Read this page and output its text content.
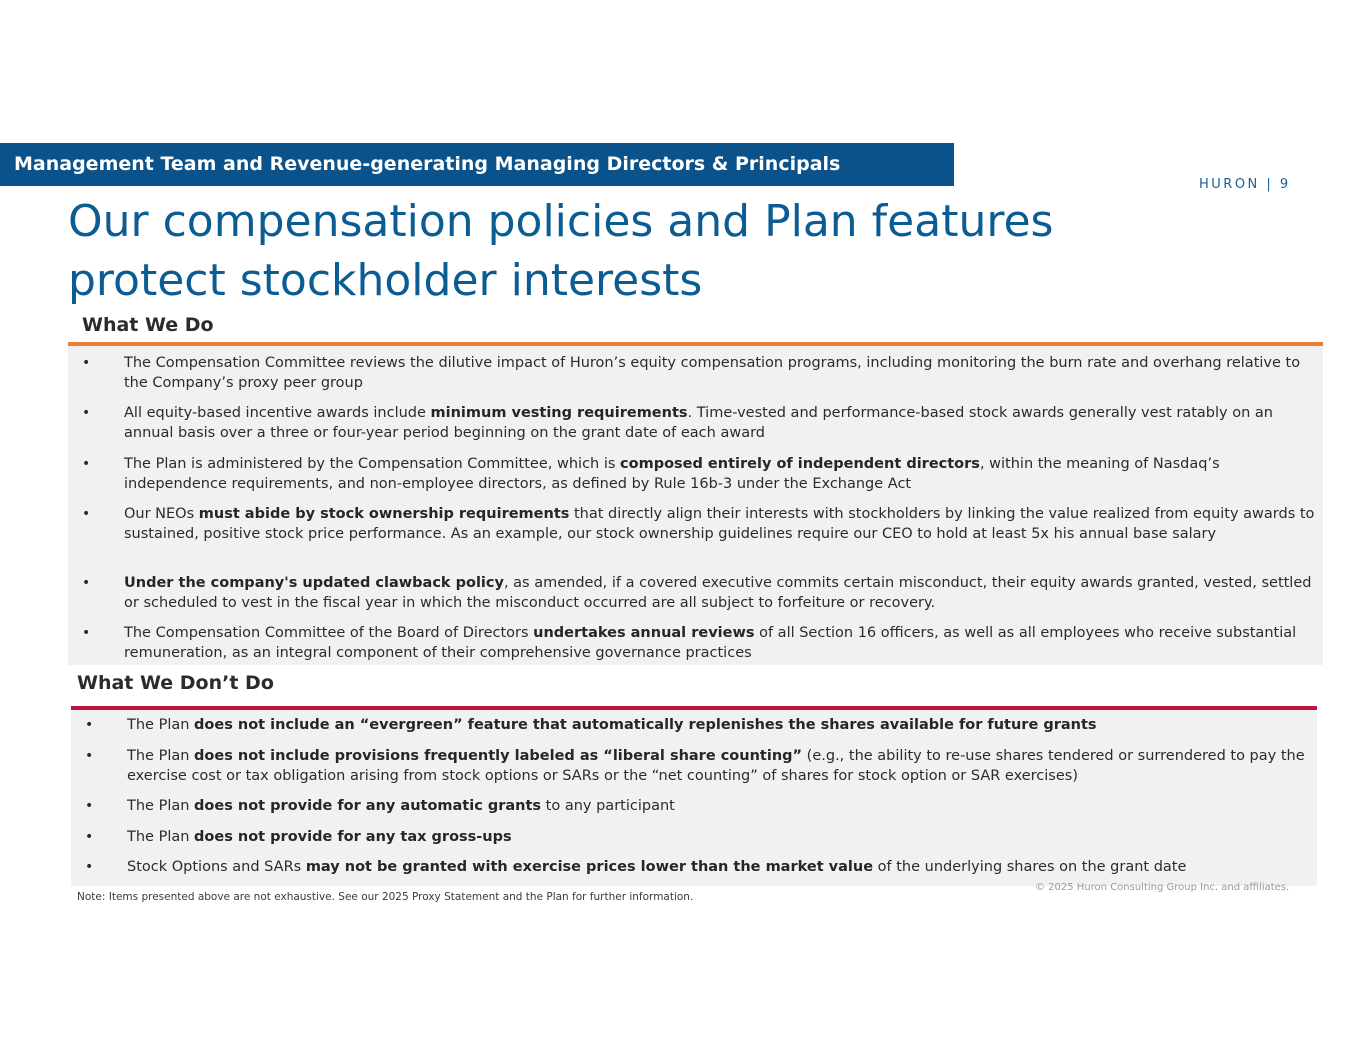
Management Team and Revenue-generating Managing Directors & Principals
HURON | 9
Our compensation policies and Plan features
protect stockholder interests
What We Do
• The Compensation Committee reviews the dilutive impact of Huron’s equity compensation programs, including monitoring the burn rate and overhang relative to the Company’s proxy peer group
• All equity-based incentive awards include minimum vesting requirements. Time-vested and performance-based stock awards generally vest ratably on an annual basis over a three or four-year period beginning on the grant date of each award
• The Plan is administered by the Compensation Committee, which is composed entirely of independent directors, within the meaning of Nasdaq’s independence requirements, and non-employee directors, as defined by Rule 16b-3 under the Exchange Act
• Our NEOs must abide by stock ownership requirements that directly align their interests with stockholders by linking the value realized from equity awards to sustained, positive stock price performance. As an example, our stock ownership guidelines require our CEO to hold at least 5x his annual base salary
• Under the company's updated clawback policy, as amended, if a covered executive commits certain misconduct, their equity awards granted, vested, settled or scheduled to vest in the fiscal year in which the misconduct occurred are all subject to forfeiture or recovery.
• The Compensation Committee of the Board of Directors undertakes annual reviews of all Section 16 officers, as well as all employees who receive substantial remuneration, as an integral component of their comprehensive governance practices
What We Don’t Do
• The Plan does not include an “evergreen” feature that automatically replenishes the shares available for future grants
• The Plan does not include provisions frequently labeled as “liberal share counting” (e.g., the ability to re-use shares tendered or surrendered to pay the exercise cost or tax obligation arising from stock options or SARs or the “net counting” of shares for stock option or SAR exercises)
• The Plan does not provide for any automatic grants to any participant
• The Plan does not provide for any tax gross-ups
• Stock Options and SARs may not be granted with exercise prices lower than the market value of the underlying shares on the grant date
© 2025 Huron Consulting Group Inc. and affiliates.
Note: Items presented above are not exhaustive. See our 2025 Proxy Statement and the Plan for further information.
